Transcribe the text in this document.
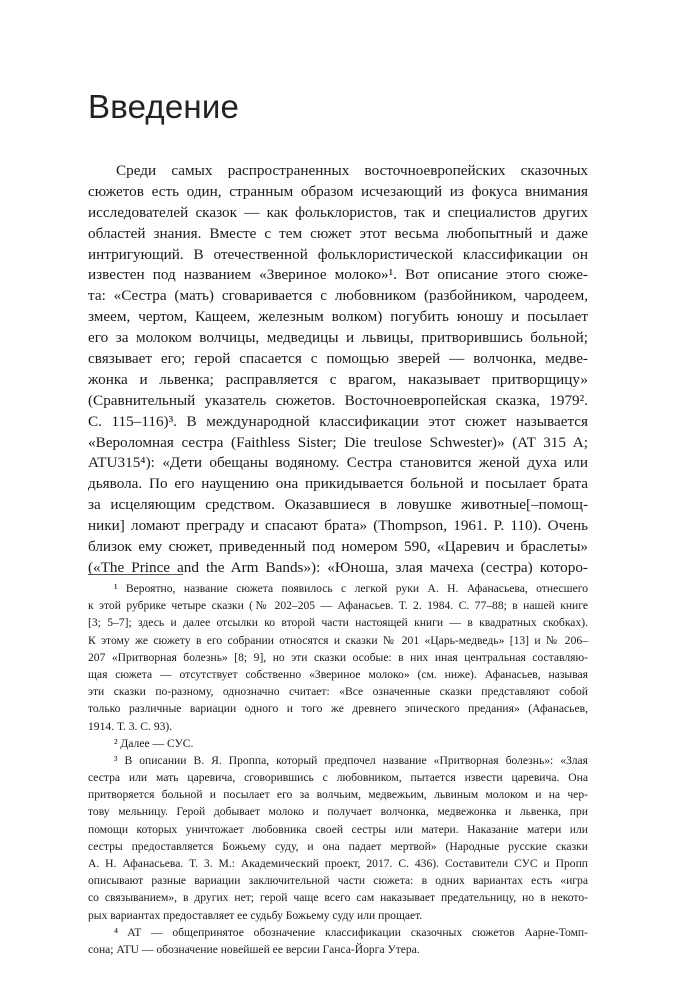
Введение
Среди самых распространенных восточноевропейских сказочных
сюжетов есть один, странным образом исчезающий из фокуса внимания
исследователей сказок — как фольклористов, так и специалистов других
областей знания. Вместе с тем сюжет этот весьма любопытный и даже
интригующий. В отечественной фольклористической классификации он
известен под названием «Звериное молоко»¹. Вот описание этого сюже-
та: «Сестра (мать) сговаривается с любовником (разбойником, чародеем,
змеем, чертом, Кащеем, железным волком) погубить юношу и посылает
его за молоком волчицы, медведицы и львицы, притворившись больной;
связывает его; герой спасается с помощью зверей — волчонка, медве-
жонка и львенка; расправляется с врагом, наказывает притворщицу»
(Сравнительный указатель сюжетов. Восточноевропейская сказка, 1979².
С. 115–116)³. В международной классификации этот сюжет называется
«Вероломная сестра (Faithless Sister; Die treulose Schwester)» (AT 315 A;
ATU315⁴): «Дети обещаны водяному. Сестра становится женой духа или
дьявола. По его наущению она прикидывается больной и посылает брата
за исцеляющим средством. Оказавшиеся в ловушке животные[–помощ-
ники] ломают преграду и спасают брата» (Thompson, 1961. P. 110). Очень
близок ему сюжет, приведенный под номером 590, «Царевич и браслеты»
(«The Prince and the Arm Bands»): «Юноша, злая мачеха (сестра) которо-
¹ Вероятно, название сюжета появилось с легкой руки А. Н. Афанасьева, отнесшего
к этой рубрике четыре сказки (№ 202–205 — Афанасьев. Т. 2. 1984. С. 77–88; в нашей книге
[3; 5–7]; здесь и далее отсылки ко второй части настоящей книги — в квадратных скобках).
К этому же сюжету в его собрании относятся и сказки № 201 «Царь-медведь» [13] и № 206–
207 «Притворная болезнь» [8; 9], но эти сказки особые: в них иная центральная составляю-
щая сюжета — отсутствует собственно «Звериное молоко» (см. ниже). Афанасьев, называя
эти сказки по-разному, однозначно считает: «Все означенные сказки представляют собой
только различные вариации одного и того же древнего эпического предания» (Афанасьев,
1914. Т. 3. С. 93).
² Далее — СУС.
³ В описании В. Я. Проппа, который предпочел название «Притворная болезнь»: «Злая
сестра или мать царевича, сговорившись с любовником, пытается извести царевича. Она
притворяется больной и посылает его за волчьим, медвежьим, львиным молоком и на чер-
тову мельницу. Герой добывает молоко и получает волчонка, медвежонка и львенка, при
помощи которых уничтожает любовника своей сестры или матери. Наказание матери или
сестры предоставляется Божьему суду, и она падает мертвой» (Народные русские сказки
А. Н. Афанасьева. Т. 3. М.: Академический проект, 2017. С. 436). Составители СУС и Пропп
описывают разные вариации заключительной части сюжета: в одних вариантах есть «игра
со связыванием», в других нет; герой чаще всего сам наказывает предательницу, но в некото-
рых вариантах предоставляет ее судьбу Божьему суду или прощает.
⁴ AT — общепринятое обозначение классификации сказочных сюжетов Аарне-Томп-
сона; ATU — обозначение новейшей ее версии Ганса-Йорга Утера.
